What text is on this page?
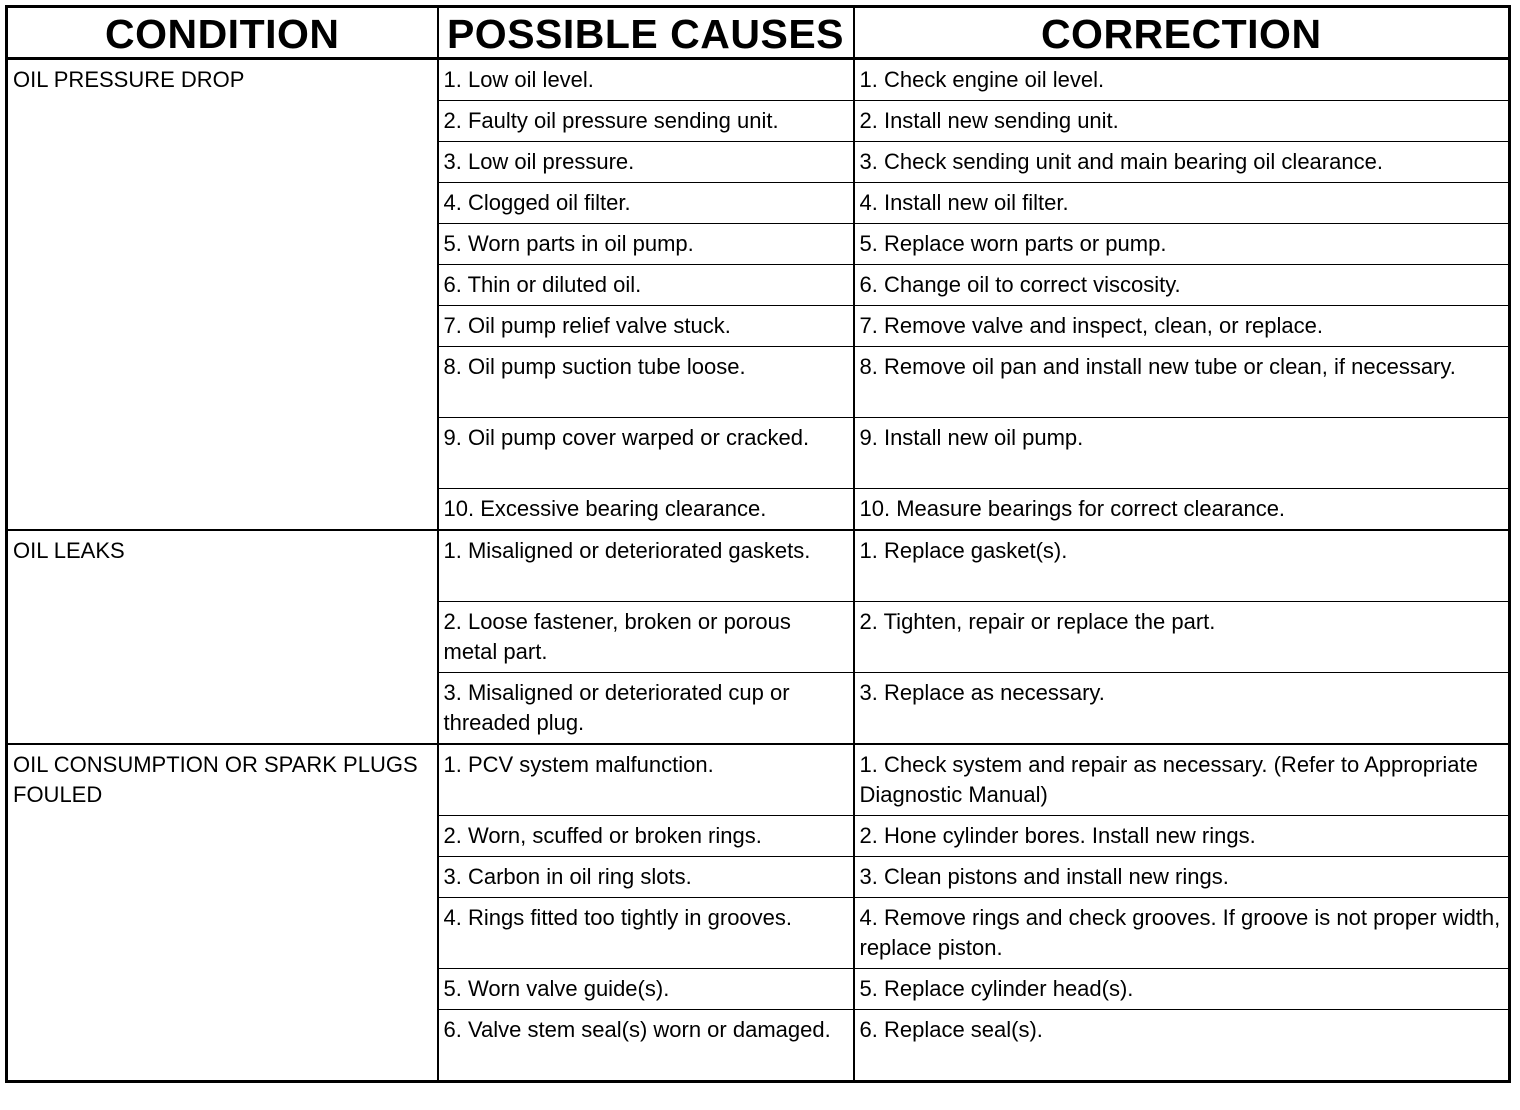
CONDITION	POSSIBLE CAUSES	CORRECTION
OIL PRESSURE DROP	1. Low oil level.	1. Check engine oil level.
	2. Faulty oil pressure sending unit.	2. Install new sending unit.
	3. Low oil pressure.	3. Check sending unit and main bearing oil clearance.
	4. Clogged oil filter.	4. Install new oil filter.
	5. Worn parts in oil pump.	5. Replace worn parts or pump.
	6. Thin or diluted oil.	6. Change oil to correct viscosity.
	7. Oil pump relief valve stuck.	7. Remove valve and inspect, clean, or replace.
	8. Oil pump suction tube loose.	8. Remove oil pan and install new tube or clean, if necessary.
	9. Oil pump cover warped or cracked.	9. Install new oil pump.
	10. Excessive bearing clearance.	10. Measure bearings for correct clearance.
OIL LEAKS	1. Misaligned or deteriorated gaskets.	1. Replace gasket(s).
	2. Loose fastener, broken or porous metal part.	2. Tighten, repair or replace the part.
	3. Misaligned or deteriorated cup or threaded plug.	3. Replace as necessary.
OIL CONSUMPTION OR SPARK PLUGS FOULED	1. PCV system malfunction.	1. Check system and repair as necessary. (Refer to Appropriate Diagnostic Manual)
	2. Worn, scuffed or broken rings.	2. Hone cylinder bores. Install new rings.
	3. Carbon in oil ring slots.	3. Clean pistons and install new rings.
	4. Rings fitted too tightly in grooves.	4. Remove rings and check grooves. If groove is not proper width, replace piston.
	5. Worn valve guide(s).	5. Replace cylinder head(s).
	6. Valve stem seal(s) worn or damaged.	6. Replace seal(s).
